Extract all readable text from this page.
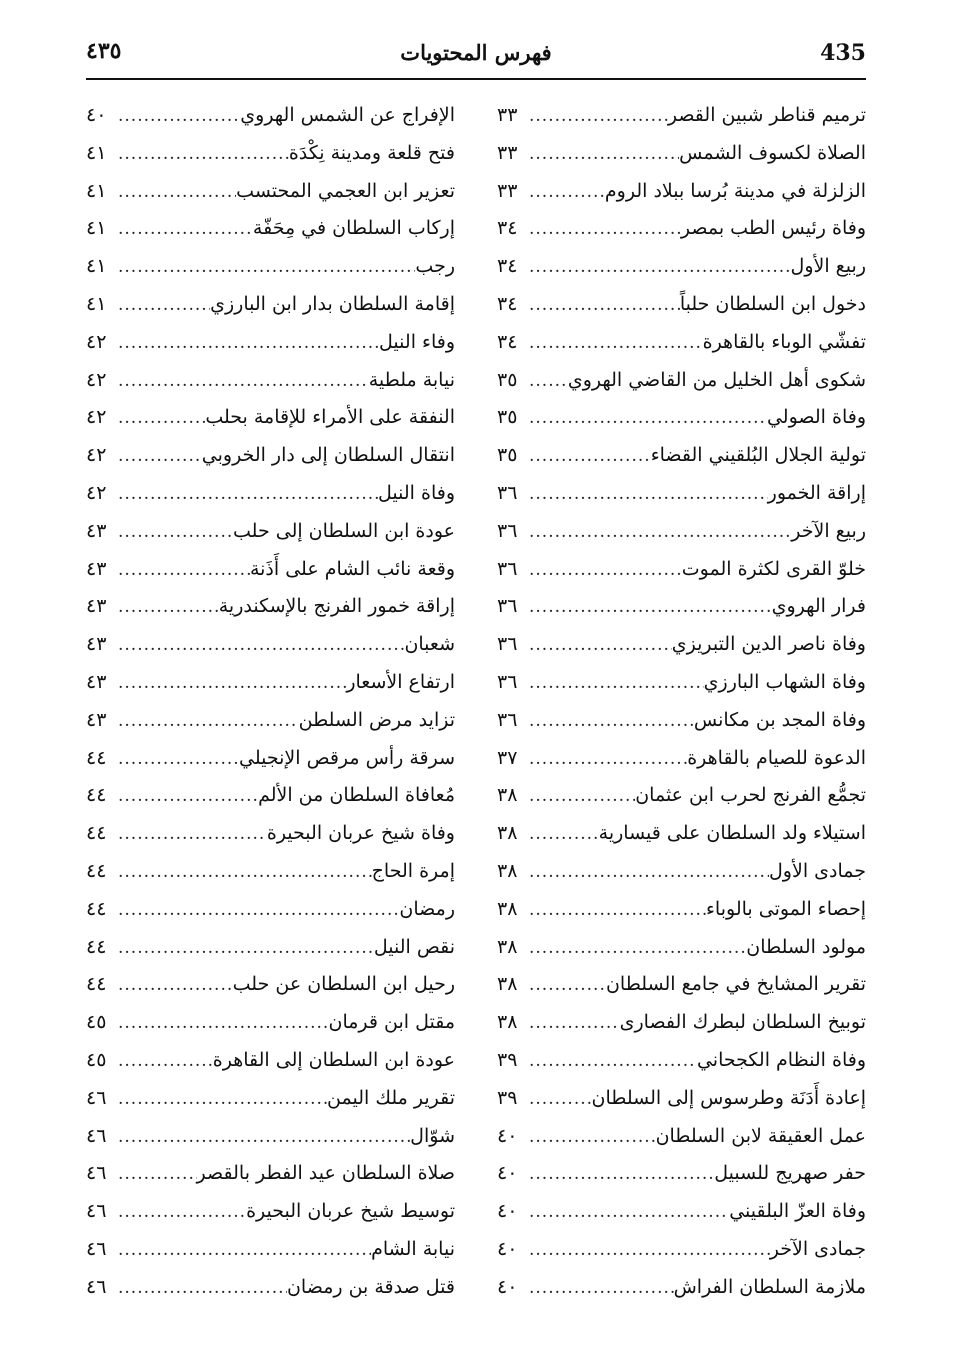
435
فهرس المحتويات
٤٣٥
ترميم قناطر شبين القصر
.....
٣٣
الصلاة لكسوف الشمس
.....
٣٣
الزلزلة في مدينة بُرسا ببلاد الروم
.....
٣٣
وفاة رئيس الطب بمصر
.....
٣٤
ربيع الأول
.....
٣٤
دخول ابن السلطان حلباً
.....
٣٤
تفشّي الوباء بالقاهرة
.....
٣٤
شكوى أهل الخليل من القاضي الهروي
.....
٣٥
وفاة الصولي
.....
٣٥
تولية الجلال البُلقيني القضاء
.....
٣٥
إراقة الخمور
.....
٣٦
ربيع الآخر
.....
٣٦
خلوّ القرى لكثرة الموت
.....
٣٦
فرار الهروي
.....
٣٦
وفاة ناصر الدين التبريزي
.....
٣٦
وفاة الشهاب البارزي
.....
٣٦
وفاة المجد بن مكانس
.....
٣٦
الدعوة للصيام بالقاهرة
.....
٣٧
تجمُّع الفرنج لحرب ابن عثمان
.....
٣٨
استيلاء ولد السلطان على قيسارية
.....
٣٨
جمادى الأول
.....
٣٨
إحصاء الموتى بالوباء
.....
٣٨
مولود السلطان
.....
٣٨
تقرير المشايخ في جامع السلطان
.....
٣٨
توبيخ السلطان لبطرك الفصارى
.....
٣٨
وفاة النظام الكجحاني
.....
٣٩
إعادة أَدَنَة وطرسوس إلى السلطان
.....
٣٩
عمل العقيقة لابن السلطان
.....
٤٠
حفر صهريج للسبيل
.....
٤٠
وفاة العزّ البلقيني
.....
٤٠
جمادى الآخر
.....
٤٠
ملازمة السلطان الفراش
.....
٤٠
الإفراج عن الشمس الهروي
.....
٤٠
فتح قلعة ومدينة نِكْدَة
.....
٤١
تعزير ابن العجمي المحتسب
.....
٤١
إركاب السلطان في مِحَفّة
.....
٤١
رجب
.....
٤١
إقامة السلطان بدار ابن البارزي
.....
٤١
وفاء النيل
.....
٤٢
نيابة ملطية
.....
٤٢
النفقة على الأمراء للإقامة بحلب
.....
٤٢
انتقال السلطان إلى دار الخروبي
.....
٤٢
وفاة النيل
.....
٤٢
عودة ابن السلطان إلى حلب
.....
٤٣
وقعة نائب الشام على أَذَنة
.....
٤٣
إراقة خمور الفرنج بالإسكندرية
.....
٤٣
شعبان
.....
٤٣
ارتفاع الأسعار
.....
٤٣
تزايد مرض السلطن
.....
٤٣
سرقة رأس مرقص الإنجيلي
.....
٤٤
مُعافاة السلطان من الألم
.....
٤٤
وفاة شيخ عربان البحيرة
.....
٤٤
إمرة الحاج
.....
٤٤
رمضان
.....
٤٤
نقص النيل
.....
٤٤
رحيل ابن السلطان عن حلب
.....
٤٤
مقتل ابن قرمان
.....
٤٥
عودة ابن السلطان إلى القاهرة
.....
٤٥
تقرير ملك اليمن
.....
٤٦
شوّال
.....
٤٦
صلاة السلطان عيد الفطر بالقصر
.....
٤٦
توسيط شيخ عربان البحيرة
.....
٤٦
نيابة الشام
.....
٤٦
قتل صدقة بن رمضان
.....
٤٦
